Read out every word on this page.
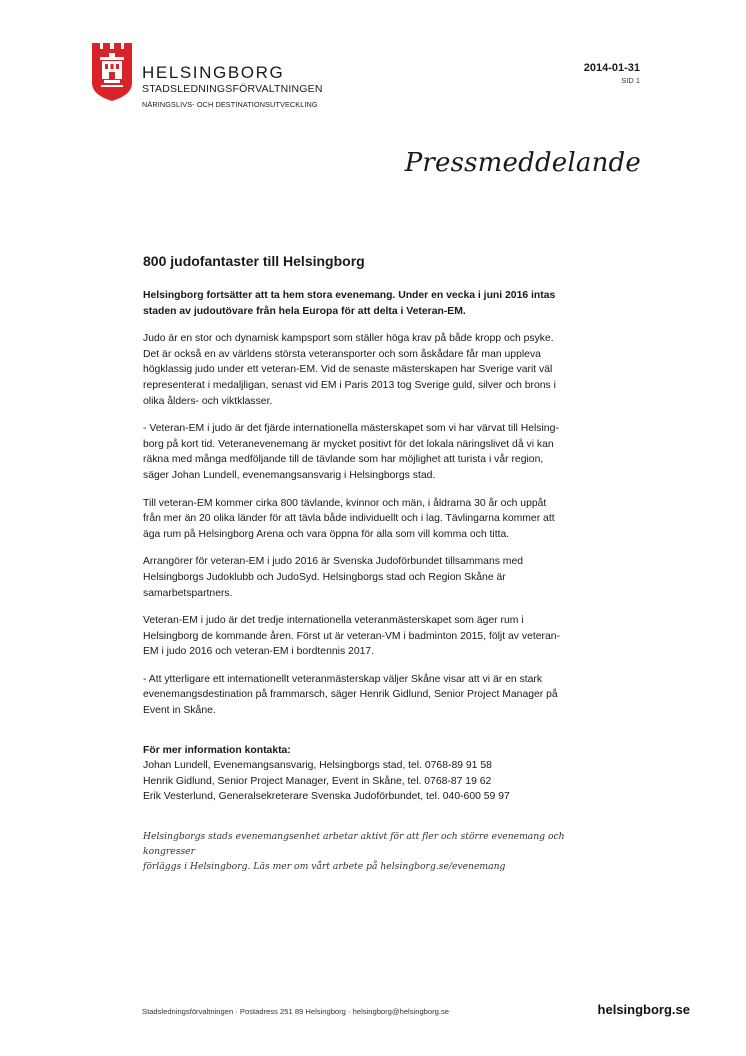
HELSINGBORG
STADSLEDNINGSFÖRVALTNINGEN
NÄRINGSLIVS- OCH DESTINATIONSUTVECKLING
2014-01-31
SID 1
Pressmeddelande
800 judofantaster till Helsingborg

Helsingborg fortsätter att ta hem stora evenemang. Under en vecka i juni 2016 intas
staden av judoutövare från hela Europa för att delta i Veteran-EM.

Judo är en stor och dynamisk kampsport som ställer höga krav på både kropp och psyke.
Det är också en av världens största veteransporter och som åskådare får man uppleva
högklassig judo under ett veteran-EM. Vid de senaste mästerskapen har Sverige varit väl
representerat i medaljligan, senast vid EM i Paris 2013 tog Sverige guld, silver och brons i
olika ålders- och viktklasser.

- Veteran-EM i judo är det fjärde internationella mästerskapet som vi har värvat till Helsing-
borg på kort tid. Veteranevenemang är mycket positivt för det lokala näringslivet då vi kan
räkna med många medföljande till de tävlande som har möjlighet att turista i vår region,
säger Johan Lundell, evenemangsansvarig i Helsingborgs stad.

Till veteran-EM kommer cirka 800 tävlande, kvinnor och män, i åldrarna 30 år och uppåt
från mer än 20 olika länder för att tävla både individuellt och i lag. Tävlingarna kommer att
äga rum på Helsingborg Arena och vara öppna för alla som vill komma och titta.

Arrangörer för veteran-EM i judo 2016 är Svenska Judoförbundet tillsammans med
Helsingborgs Judoklubb och JudoSyd. Helsingborgs stad och Region Skåne är
samarbetspartners.

Veteran-EM i judo är det tredje internationella veteranmästerskapet som äger rum i
Helsingborg de kommande åren. Först ut är veteran-VM i badminton 2015, följt av veteran-
EM i judo 2016 och veteran-EM i bordtennis 2017.

- Att ytterligare ett internationellt veteranmästerskap väljer Skåne visar att vi är en stark
evenemangsdestination på frammarsch, säger Henrik Gidlund, Senior Project Manager på
Event in Skåne.

För mer information kontakta:
Johan Lundell, Evenemangsansvarig, Helsingborgs stad, tel. 0768-89 91 58
Henrik Gidlund, Senior Project Manager, Event in Skåne, tel. 0768-87 19 62
Erik Vesterlund, Generalsekreterare Svenska Judoförbundet, tel. 040-600 59 97
Helsingborgs stads evenemangsenhet arbetar aktivt för att fler och större evenemang och kongresser
förläggs i Helsingborg. Läs mer om vårt arbete på helsingborg.se/evenemang
Stadsledningsförvaltningen · Postadress 251 89 Helsingborg · helsingborg@helsingborg.se	helsingborg.se
